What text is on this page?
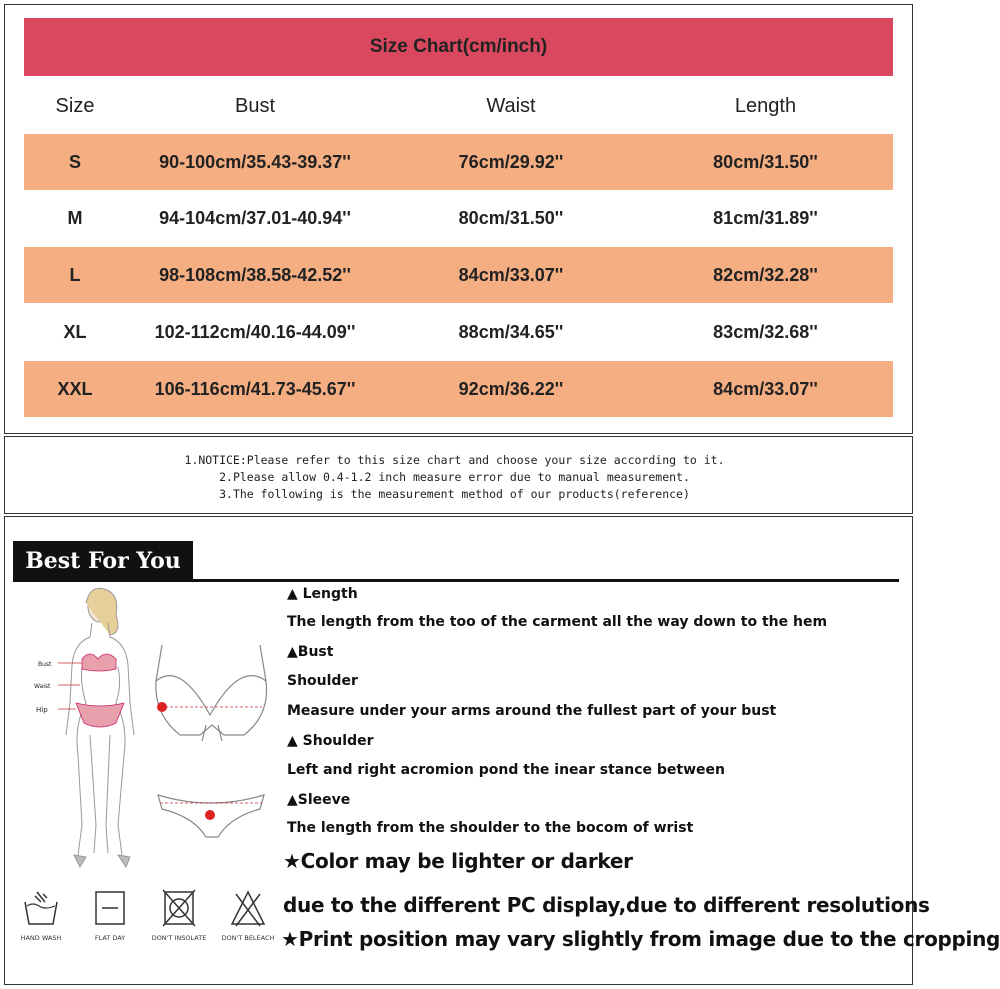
Size Chart(cm/inch)
Size	Bust	Waist	Length
S	90-100cm/35.43-39.37''	76cm/29.92''	80cm/31.50''
M	94-104cm/37.01-40.94''	80cm/31.50''	81cm/31.89''
L	98-108cm/38.58-42.52''	84cm/33.07''	82cm/32.28''
XL	102-112cm/40.16-44.09''	88cm/34.65''	83cm/32.68''
XXL	106-116cm/41.73-45.67''	92cm/36.22''	84cm/33.07''
1.NOTICE:Please refer to this size chart and choose your size according to it.
2.Please allow 0.4-1.2 inch measure error due to manual measurement.
3.The following is the measurement method of our products(reference)
Best For You
Bust
Waist
Hip
▲ Length
The length from the too of the carment all the way down to the hem
▲Bust
Shoulder
Measure under your arms around the fullest part of your bust
▲ Shoulder
Left and right acromion pond the inear stance between
▲Sleeve
The length from the shoulder to the bocom of wrist
★Color may be lighter or darker
due to the different PC display,due to different resolutions
★Print position may vary slightly from image due to the cropping
HAND WASH	FLAT DAY	DON'T INSOLATE	DON'T BELEACH
